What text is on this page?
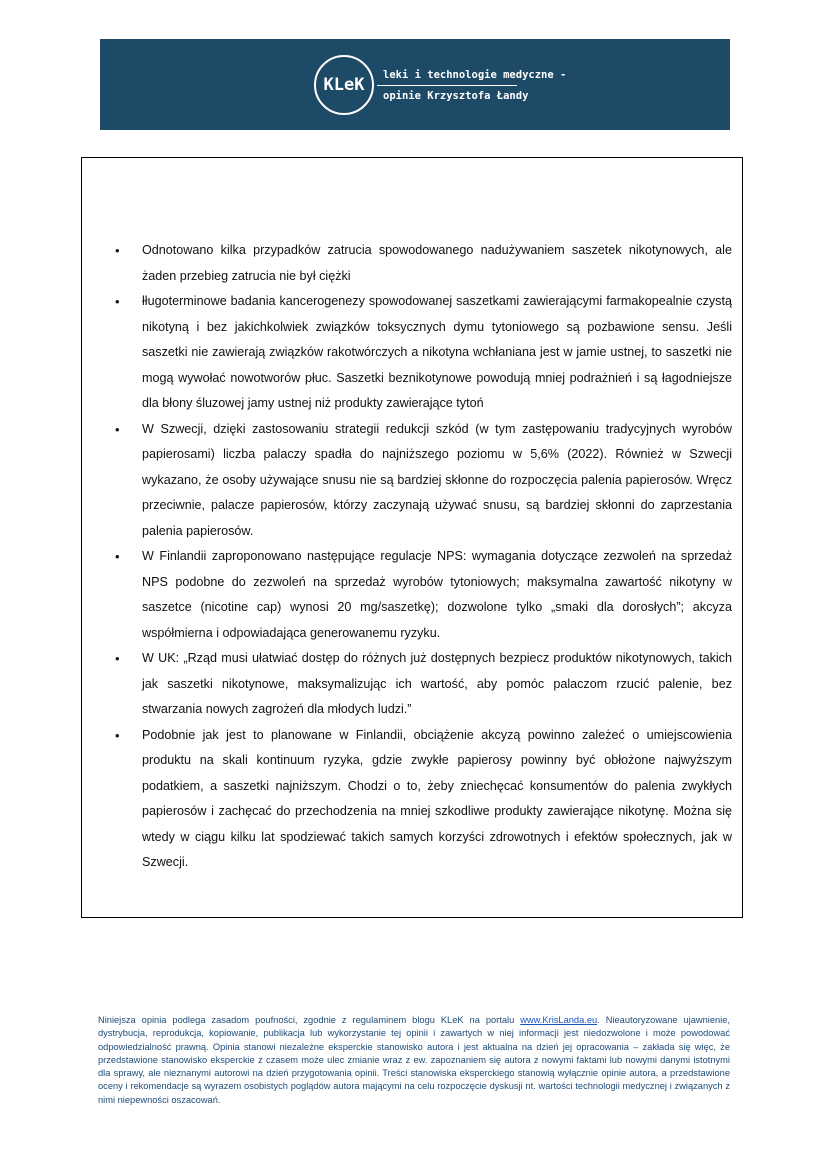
KLeK leki i technologie medyczne -
opinie Krzysztofa Łandy
• Odnotowano kilka przypadków zatrucia spowodowanego nadużywaniem saszetek nikotynowych, ale żaden przebieg zatrucia nie był ciężki
• łługoterminowe badania kancerogenezy spowodowanej saszetkami zawierającymi farmakopealnie czystą nikotyną i bez jakichkolwiek związków toksycznych dymu tytoniowego są pozbawione sensu. Jeśli saszetki nie zawierają związków rakotwórczych a nikotyna wchłaniana jest w jamie ustnej, to saszetki nie mogą wywołać nowotworów płuc. Saszetki beznikotynowe powodują mniej podrażnień i są łagodniejsze dla błony śluzowej jamy ustnej niż produkty zawierające tytoń
• W Szwecji, dzięki zastosowaniu strategii redukcji szkód (w tym zastępowaniu tradycyjnych wyrobów papierosami) liczba palaczy spadła do najniższego poziomu w 5,6% (2022). Również w Szwecji wykazano, że osoby używające snusu nie są bardziej skłonne do rozpoczęcia palenia papierosów. Wręcz przeciwnie, palacze papierosów, którzy zaczynają używać snusu, są bardziej skłonni do zaprzestania palenia papierosów.
• W Finlandii zaproponowano następujące regulacje NPS: wymagania dotyczące zezwoleń na sprzedaż NPS podobne do zezwoleń na sprzedaż wyrobów tytoniowych; maksymalna zawartość nikotyny w saszetce (nicotine cap) wynosi 20 mg/saszetkę); dozwolone tylko „smaki dla dorosłych”; akcyza współmierna i odpowiadająca generowanemu ryzyku.
• W UK: „Rząd musi ułatwiać dostęp do różnych już dostępnych bezpiecz produktów nikotynowych, takich jak saszetki nikotynowe, maksymalizując ich wartość, aby pomóc palaczom rzucić palenie, bez stwarzania nowych zagrożeń dla młodych ludzi.”
• Podobnie jak jest to planowane w Finlandii, obciążenie akcyzą powinno zależeć o umiejscowienia produktu na skali kontinuum ryzyka, gdzie zwykłe papierosy powinny być obłożone najwyższym podatkiem, a saszetki najniższym. Chodzi o to, żeby zniechęcać konsumentów do palenia zwykłych papierosów i zachęcać do przechodzenia na mniej szkodliwe produkty zawierające nikotynę. Można się wtedy w ciągu kilku lat spodziewać takich samych korzyści zdrowotnych i efektów społecznych, jak w Szwecji.
Niniejsza opinia podlega zasadom poufności, zgodnie z regulaminem blogu KLeK na portalu www.KrisLanda.eu. Nieautoryzowane ujawnienie, dystrybucja, reprodukcja, kopiowanie, publikacja lub wykorzystanie tej opinii i zawartych w niej informacji jest niedozwolone i może powodować odpowiedzialność prawną. Opinia stanowi niezależne eksperckie stanowisko autora i jest aktualna na dzień jej opracowania – zakłada się więc, że przedstawione stanowisko eksperckie z czasem może ulec zmianie wraz z ew. zapoznaniem się autora z nowymi faktami lub nowymi danymi istotnymi dla sprawy, ale nieznanymi autorowi na dzień przygotowania opinii. Treści stanowiska eksperckiego stanowią wyłącznie opinie autora, a przedstawione oceny i rekomendacje są wyrazem osobistych poglądów autora mającymi na celu rozpoczęcie dyskusji nt. wartości technologii medycznej i związanych z nimi niepewności oszacowań.
